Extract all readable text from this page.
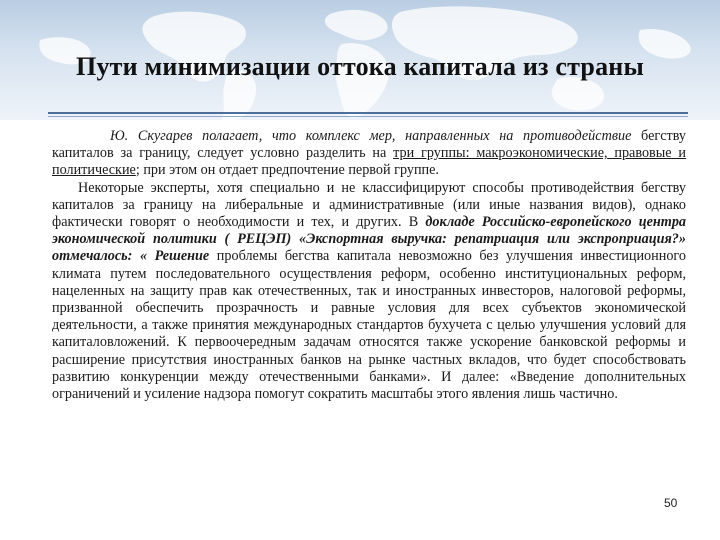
Пути минимизации оттока капитала из страны

Ю. Скугарев полагает, что комплекс мер, направленных на противодействие бегству капиталов за границу, следует условно разделить на три группы: макроэкономические, правовые и политические; при этом он отдает предпочтение первой группе.

Некоторые эксперты, хотя специально и не классифицируют способы противодействия бегству капиталов за границу на либеральные и административные (или иные названия видов), однако фактически говорят о необходимости и тех, и других. В докладе Российско-европейского центра экономической политики ( РЕЦЭП) «Экспортная выручка: репатриация или экспроприация?» отмечалось: « Решение проблемы бегства капитала невозможно без улучшения инвестиционного климата путем последовательного осуществления реформ, особенно институциональных реформ, нацеленных на защиту прав как отечественных, так и иностранных инвесторов, налоговой реформы, призванной обеспечить прозрачность и равные условия для всех субъектов экономической деятельности, а также принятия международных стандартов бухучета с целью улучшения условий для капиталовложений. К первоочередным задачам относятся также ускорение банковской реформы и расширение присутствия иностранных банков на рынке частных вкладов, что будет способствовать развитию конкуренции между отечественными банками». И далее: «Введение дополнительных ограничений и усиление надзора помогут сократить масштабы этого явления лишь частично.

50
